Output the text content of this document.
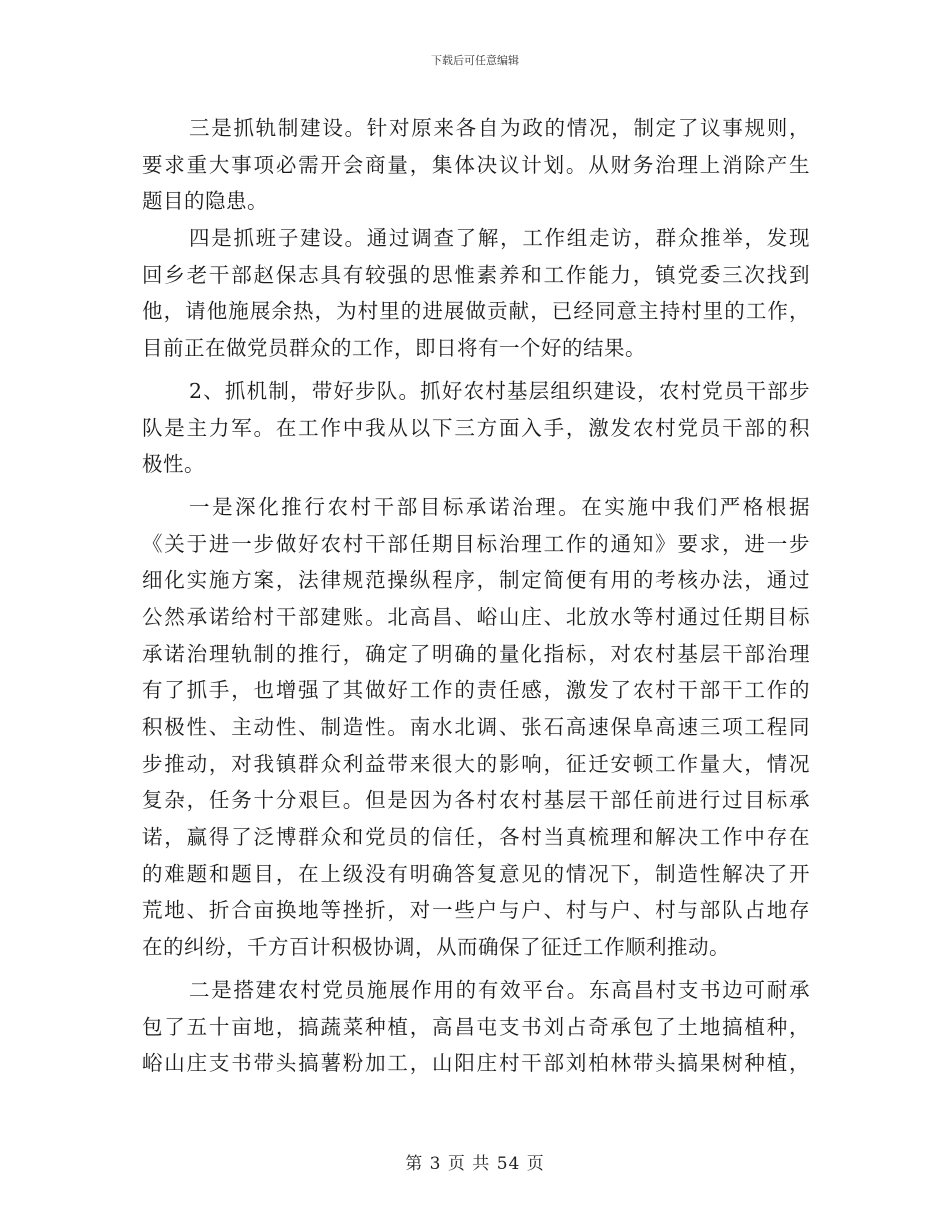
下载后可任意编辑
三是抓轨制建设。针对原来各自为政的情况，制定了议事规则，
要求重大事项必需开会商量，集体决议计划。从财务治理上消除产生
题目的隐患。
四是抓班子建设。通过调查了解，工作组走访，群众推举，发现
回乡老干部赵保志具有较强的思惟素养和工作能力，镇党委三次找到
他，请他施展余热，为村里的进展做贡献，已经同意主持村里的工作，
目前正在做党员群众的工作，即日将有一个好的结果。
2、抓机制，带好步队。抓好农村基层组织建设，农村党员干部步
队是主力军。在工作中我从以下三方面入手，激发农村党员干部的积
极性。
一是深化推行农村干部目标承诺治理。在实施中我们严格根据
《关于进一步做好农村干部任期目标治理工作的通知》要求，进一步
细化实施方案，法律规范操纵程序，制定简便有用的考核办法，通过
公然承诺给村干部建账。北高昌、峪山庄、北放水等村通过任期目标
承诺治理轨制的推行，确定了明确的量化指标，对农村基层干部治理
有了抓手，也增强了其做好工作的责任感，激发了农村干部干工作的
积极性、主动性、制造性。南水北调、张石高速保阜高速三项工程同
步推动，对我镇群众利益带来很大的影响，征迁安顿工作量大，情况
复杂，任务十分艰巨。但是因为各村农村基层干部任前进行过目标承
诺，赢得了泛博群众和党员的信任，各村当真梳理和解决工作中存在
的难题和题目，在上级没有明确答复意见的情况下，制造性解决了开
荒地、折合亩换地等挫折，对一些户与户、村与户、村与部队占地存
在的纠纷，千方百计积极协调，从而确保了征迁工作顺利推动。
二是搭建农村党员施展作用的有效平台。东高昌村支书边可耐承
包了五十亩地，搞蔬菜种植，高昌屯支书刘占奇承包了土地搞植种，
峪山庄支书带头搞薯粉加工，山阳庄村干部刘柏林带头搞果树种植，
第 3 页 共 54 页
